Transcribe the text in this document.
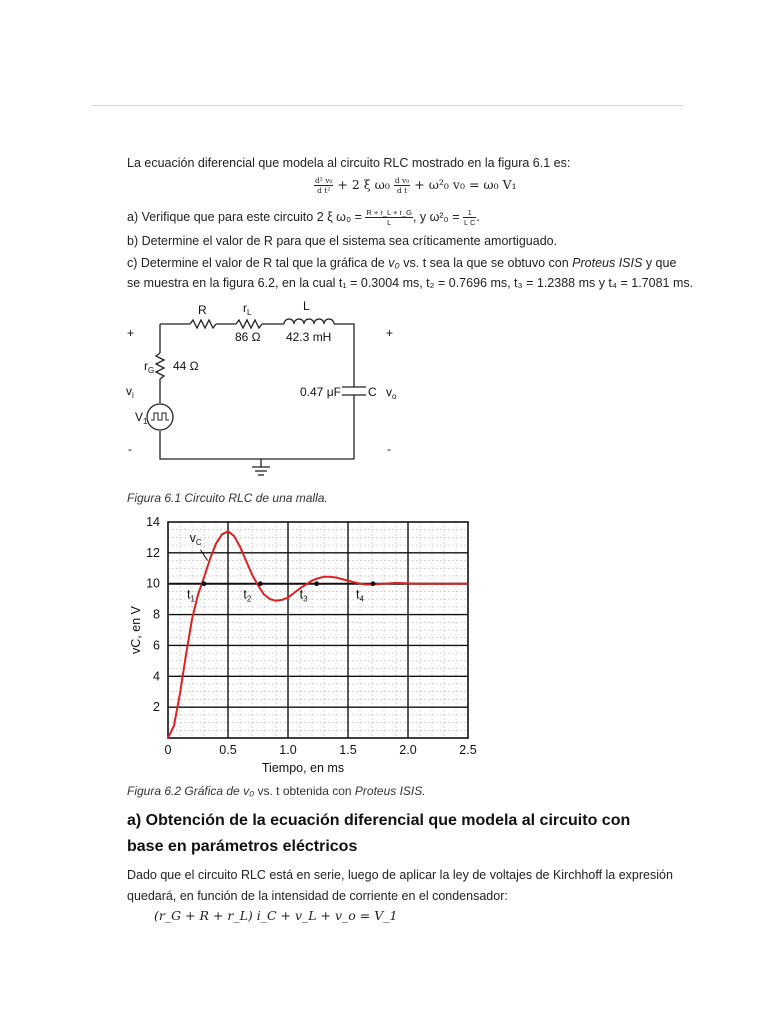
La ecuación diferencial que modela al circuito RLC mostrado en la figura 6.1 es:
$\frac{\text{d² v₀}}{\text{d t²}} + 2$ ξ $\omega_0 \frac{\text{d v₀}}{\text{d t}} + \omega^2_0$ v₀ = ω₀ V₁
a) Verifique que para este circuito 2 ξ $\omega_0 = \frac{R + r\_L + r\_G}{L}$ , y $\omega^2_0 = \frac{1}{\text{L C}}$ .
b) Determine el valor de R para que el sistema sea críticamente amortiguado.
c) Determine el valor de R tal que la gráfica de v₀ vs. t sea la que se obtuvo con Proteus ISIS y que
se muestra en la figura 6.2, en la cual t₁ = 0.3004 ms, t₂ = 0.7696 ms, t₃ = 1.2388 ms y t₄ = 1.7081 ms.
R	$r_L$
86 Ω
L
42.3 mH
$r_G$ 44 Ω
$v_i$
$V_1$
0.47 μF C $v_o$
+	+
-	-
Figura 6.1 Circuito RLC de una malla.
0	0.5	1.0	1.5	2.0	2.5
2
4
6
8
10
12
14
Tiempo, en ms
vC, en V
$v_C$
$t_1$	$t_2$	$t_3$	$t_4$
Figura 6.2 Gráfica de v₀ vs. t obtenida con Proteus ISIS.
a) Obtención de la ecuación diferencial que modela al circuito con
base en parámetros eléctricos
Dado que el circuito RLC está en serie, luego de aplicar la ley de voltajes de Kirchhoff la expresión
quedará, en función de la intensidad de corriente en el condensador:
(r_G + R + r_L) i_C + v_L + v_o = V_1
